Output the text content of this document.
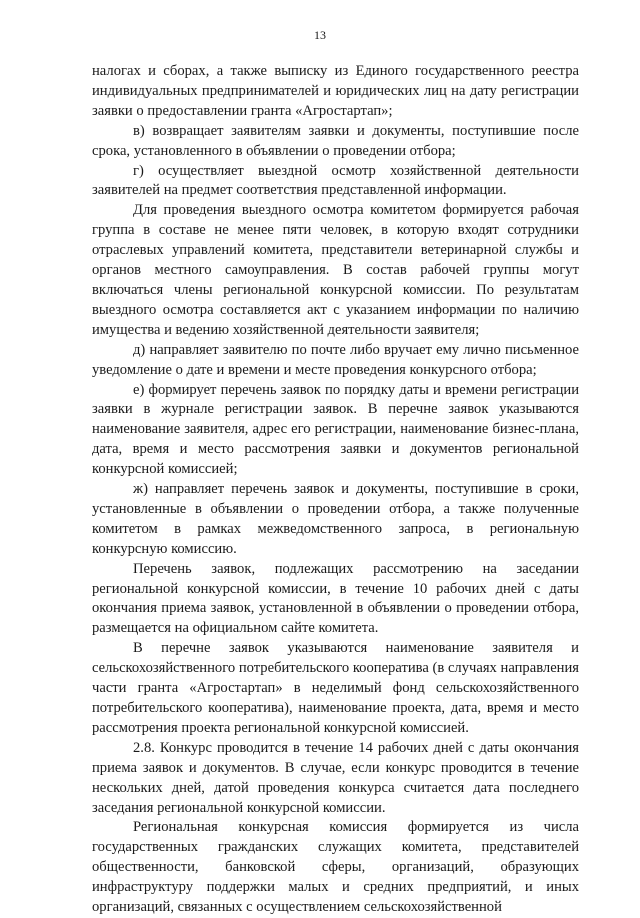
13

налогах и сборах, а также выписку из Единого государственного реестра индивидуальных предпринимателей и юридических лиц на дату регистрации заявки о предоставлении гранта «Агростартап»;

в) возвращает заявителям заявки и документы, поступившие после срока, установленного в объявлении о проведении отбора;

г) осуществляет выездной осмотр хозяйственной деятельности заявителей на предмет соответствия представленной информации.

Для проведения выездного осмотра комитетом формируется рабочая группа в составе не менее пяти человек, в которую входят сотрудники отраслевых управлений комитета, представители ветеринарной службы и органов местного самоуправления. В состав рабочей группы могут включаться члены региональной конкурсной комиссии. По результатам выездного осмотра составляется акт с указанием информации по наличию имущества и ведению хозяйственной деятельности заявителя;

д) направляет заявителю по почте либо вручает ему лично письменное уведомление о дате и времени и месте проведения конкурсного отбора;

е) формирует перечень заявок по порядку даты и времени регистрации заявки в журнале регистрации заявок. В перечне заявок указываются наименование заявителя, адрес его регистрации, наименование бизнес-плана, дата, время и место рассмотрения заявки и документов региональной конкурсной комиссией;

ж) направляет перечень заявок и документы, поступившие в сроки, установленные в объявлении о проведении отбора, а также полученные комитетом в рамках межведомственного запроса, в региональную конкурсную комиссию.

Перечень заявок, подлежащих рассмотрению на заседании региональной конкурсной комиссии, в течение 10 рабочих дней с даты окончания приема заявок, установленной в объявлении о проведении отбора, размещается на официальном сайте комитета.

В перечне заявок указываются наименование заявителя и сельскохозяйственного потребительского кооператива (в случаях направления части гранта «Агростартап» в неделимый фонд сельскохозяйственного потребительского кооператива), наименование проекта, дата, время и место рассмотрения проекта региональной конкурсной комиссией.

2.8. Конкурс проводится в течение 14 рабочих дней с даты окончания приема заявок и документов. В случае, если конкурс проводится в течение нескольких дней, датой проведения конкурса считается дата последнего заседания региональной конкурсной комиссии.

Региональная конкурсная комиссия формируется из числа государственных гражданских служащих комитета, представителей общественности, банковской сферы, организаций, образующих инфраструктуру поддержки малых и средних предприятий, и иных организаций, связанных с осуществлением сельскохозяйственной
